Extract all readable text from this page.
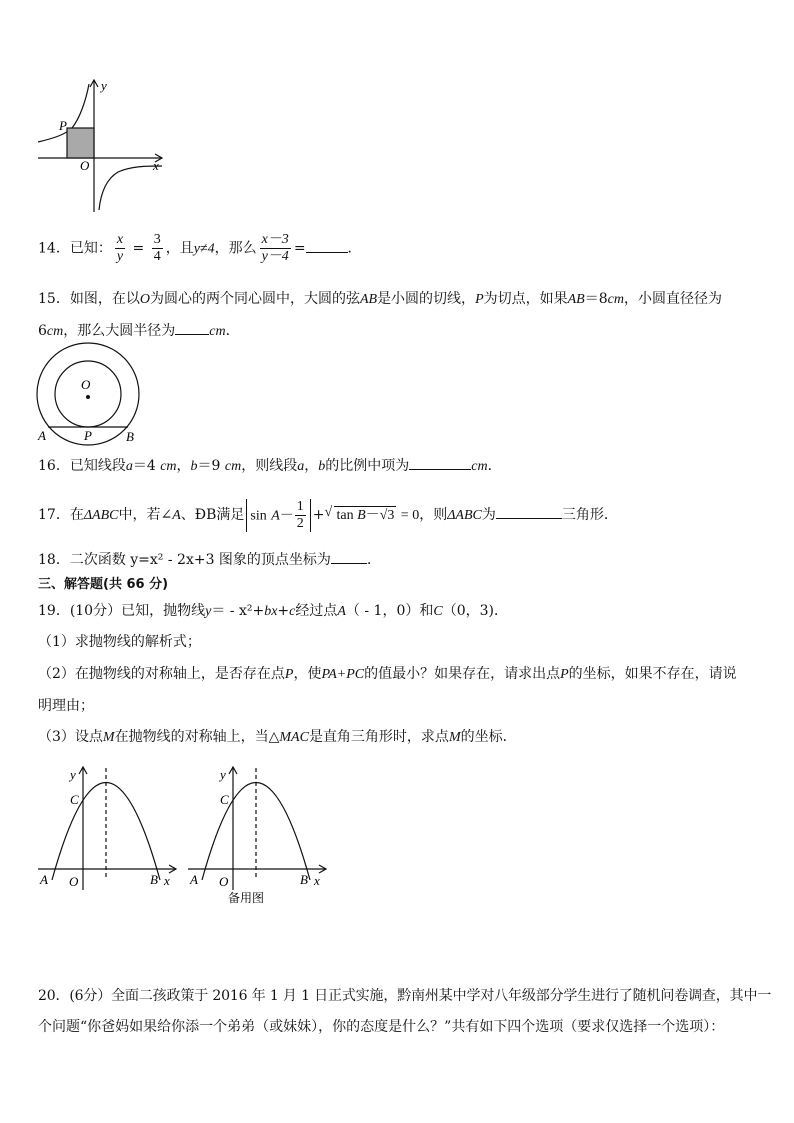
y
P
O	x
14．已知： $\frac{x}{y} = \frac{3}{4}$ ，且y≠4，那么 $\frac{x-3}{y-4}$ =	．
15．如图，在以O为圆心的两个同心圆中，大圆的弦AB是小圆的切线，P为切点，如果AB＝8cm，小圆直径径为
6cm，那么大圆半径为 cm．
O
A	P	B
16．已知线段a＝4 cm，b＝9 cm，则线段a，b的比例中项为	cm．
17．在ΔABC中，若∠A、ÐB满足 $\sin A- \frac{1}{2}$ + √ tan B－√3 = 0，则ΔABC为	三角形．
18．二次函数 y=x² - 2x+3 图象的顶点坐标为	．
三、解答题(共 66 分)
19．(10分）已知，抛物线y＝ - x²+bx+c经过点A（ - 1，0）和C（0，3)．
（1）求抛物线的解析式；
（2）在抛物线的对称轴上，是否存在点P，使PA+PC的值最小？如果存在，请求出点P的坐标，如果不存在，请说
明理由；
（3）设点M在抛物线的对称轴上，当△MAC是直角三角形时，求点M的坐标．
y
C
A O	B x
y
C
A O	B x
备用图
20．(6分）全面二孩政策于 2016 年 1 月 1 日正式实施，黔南州某中学对八年级部分学生进行了随机问卷调查，其中一
个问题“你爸妈如果给你添一个弟弟（或妹妹），你的态度是什么？”共有如下四个选项（要求仅选择一个选项）：
